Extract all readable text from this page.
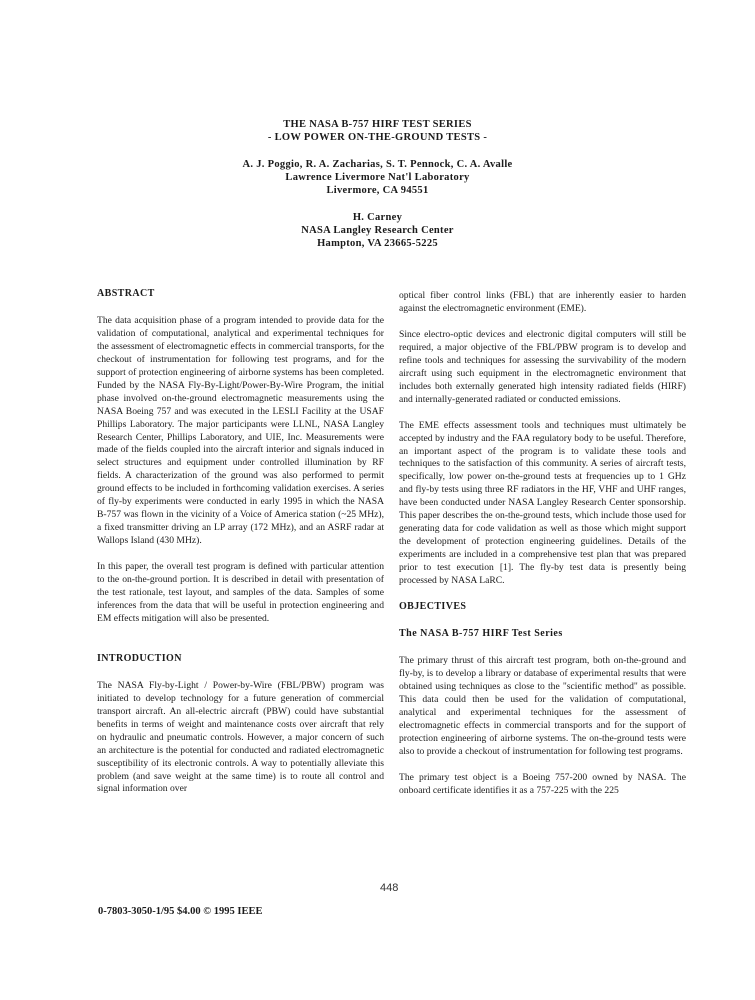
THE NASA B-757 HIRF TEST SERIES
- LOW POWER ON-THE-GROUND TESTS -
A. J. Poggio, R. A. Zacharias, S. T. Pennock, C. A. Avalle
Lawrence Livermore Nat'l Laboratory
Livermore, CA 94551
H. Carney
NASA Langley Research Center
Hampton, VA 23665-5225
ABSTRACT

The data acquisition phase of a program intended to provide data for the validation of computational, analytical and experimental techniques for the assessment of electromagnetic effects in commercial transports, for the checkout of instrumentation for following test programs, and for the support of protection engineering of airborne systems has been completed. Funded by the NASA Fly-By-Light/Power-By-Wire Program, the initial phase involved on-the-ground electromagnetic measurements using the NASA Boeing 757 and was executed in the LESLI Facility at the USAF Phillips Laboratory. The major participants were LLNL, NASA Langley Research Center, Phillips Laboratory, and UIE, Inc. Measurements were made of the fields coupled into the aircraft interior and signals induced in select structures and equipment under controlled illumination by RF fields. A characterization of the ground was also performed to permit ground effects to be included in forthcoming validation exercises. A series of fly-by experiments were conducted in early 1995 in which the NASA B-757 was flown in the vicinity of a Voice of America station (~25 MHz), a fixed transmitter driving an LP array (172 MHz), and an ASRF radar at Wallops Island (430 MHz).

In this paper, the overall test program is defined with particular attention to the on-the-ground portion. It is described in detail with presentation of the test rationale, test layout, and samples of the data. Samples of some inferences from the data that will be useful in protection engineering and EM effects mitigation will also be presented.

INTRODUCTION

The NASA Fly-by-Light / Power-by-Wire (FBL/PBW) program was initiated to develop technology for a future generation of commercial transport aircraft. An all-electric aircraft (PBW) could have substantial benefits in terms of weight and maintenance costs over aircraft that rely on hydraulic and pneumatic controls. However, a major concern of such an architecture is the potential for conducted and radiated electromagnetic susceptibility of its electronic controls. A way to potentially alleviate this problem (and save weight at the same time) is to route all control and signal information over

optical fiber control links (FBL) that are inherently easier to harden against the electromagnetic environment (EME).

Since electro-optic devices and electronic digital computers will still be required, a major objective of the FBL/PBW program is to develop and refine tools and techniques for assessing the survivability of the modern aircraft using such equipment in the electromagnetic environment that includes both externally generated high intensity radiated fields (HIRF) and internally-generated radiated or conducted emissions.

The EME effects assessment tools and techniques must ultimately be accepted by industry and the FAA regulatory body to be useful. Therefore, an important aspect of the program is to validate these tools and techniques to the satisfaction of this community. A series of aircraft tests, specifically, low power on-the-ground tests at frequencies up to 1 GHz and fly-by tests using three RF radiators in the HF, VHF and UHF ranges, have been conducted under NASA Langley Research Center sponsorship. This paper describes the on-the-ground tests, which include those used for generating data for code validation as well as those which might support the development of protection engineering guidelines. Details of the experiments are included in a comprehensive test plan that was prepared prior to test execution [1]. The fly-by test data is presently being processed by NASA LaRC.

OBJECTIVES
The NASA B-757 HIRF Test Series

The primary thrust of this aircraft test program, both on-the-ground and fly-by, is to develop a library or database of experimental results that were obtained using techniques as close to the "scientific method" as possible. This data could then be used for the validation of computational, analytical and experimental techniques for the assessment of electromagnetic effects in commercial transports and for the support of protection engineering of airborne systems. The on-the-ground tests were also to provide a checkout of instrumentation for following test programs.

The primary test object is a Boeing 757-200 owned by NASA. The onboard certificate identifies it as a 757-225 with the 225

448
0-7803-3050-1/95 $4.00 © 1995 IEEE
